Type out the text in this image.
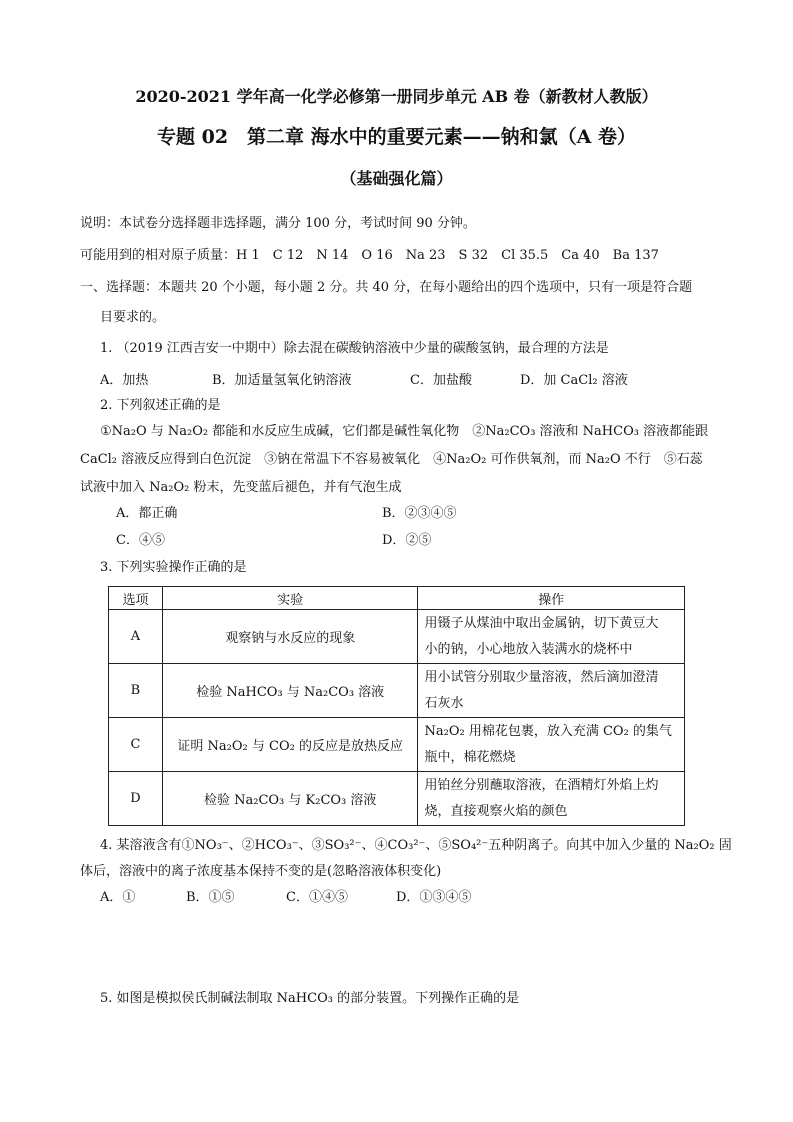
2020-2021 学年高一化学必修第一册同步单元 AB 卷（新教材人教版）
专题 02　第二章 海水中的重要元素——钠和氯（A 卷）
（基础强化篇）
说明：本试卷分选择题非选择题，满分 100 分，考试时间 90 分钟。
可能用到的相对原子质量：H 1　C 12　N 14　O 16　Na 23　S 32　Cl 35.5　Ca 40　Ba 137
一、选择题：本题共 20 个小题，每小题 2 分。共 40 分，在每小题给出的四个选项中，只有一项是符合题
目要求的。
1. （2019 江西吉安一中期中）除去混在碳酸钠溶液中少量的碳酸氢钠，最合理的方法是
A．加热	B．加适量氢氧化钠溶液	C．加盐酸	D．加 CaCl₂ 溶液
2. 下列叙述正确的是
①Na₂O 与 Na₂O₂ 都能和水反应生成碱，它们都是碱性氧化物　②Na₂CO₃ 溶液和 NaHCO₃ 溶液都能跟
CaCl₂ 溶液反应得到白色沉淀　③钠在常温下不容易被氧化　④Na₂O₂ 可作供氧剂，而 Na₂O 不行　⑤石蕊
试液中加入 Na₂O₂ 粉末，先变蓝后褪色，并有气泡生成
A．都正确	B．②③④⑤
C．④⑤	D．②⑤
3. 下列实验操作正确的是
选项	实验	操作
A	观察钠与水反应的现象	用镊子从煤油中取出金属钠，切下黄豆大
小的钠，小心地放入装满水的烧杯中
B	检验 NaHCO₃ 与 Na₂CO₃ 溶液	用小试管分别取少量溶液，然后滴加澄清
石灰水
C	证明 Na₂O₂ 与 CO₂ 的反应是放热反应	Na₂O₂ 用棉花包裹，放入充满 CO₂ 的集气
瓶中，棉花燃烧
D	检验 Na₂CO₃ 与 K₂CO₃ 溶液	用铂丝分别蘸取溶液，在酒精灯外焰上灼
烧，直接观察火焰的颜色
4. 某溶液含有①NO₃⁻、②HCO₃⁻、③SO₃²⁻、④CO₃²⁻、⑤SO₄²⁻五种阴离子。向其中加入少量的 Na₂O₂ 固
体后，溶液中的离子浓度基本保持不变的是(忽略溶液体积变化)
A．①	B．①⑤	C．①④⑤	D．①③④⑤
5. 如图是模拟侯氏制碱法制取 NaHCO₃ 的部分装置。下列操作正确的是
